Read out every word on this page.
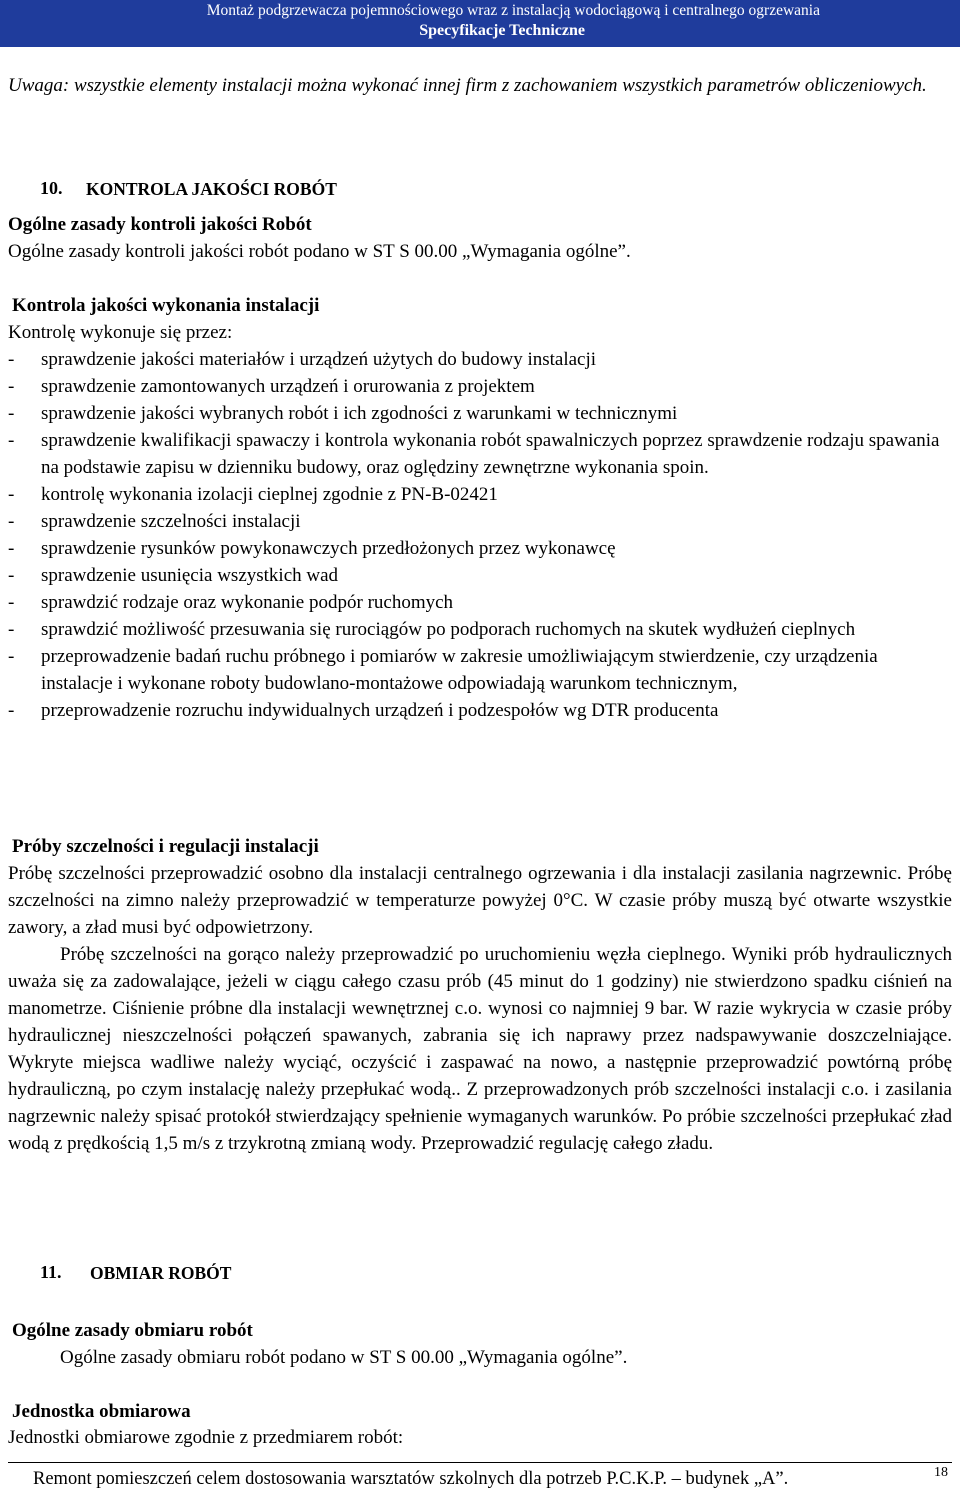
Montaż podgrzewacza pojemnościowego wraz z instalacją wodociągową i centralnego ogrzewania
Specyfikacje Techniczne
Uwaga: wszystkie elementy instalacji można wykonać innej firm z zachowaniem wszystkich parametrów obliczeniowych.
10.	KONTROLA JAKOŚCI ROBÓT
Ogólne zasady kontroli jakości Robót
Ogólne zasady kontroli jakości robót podano w ST S 00.00 „Wymagania ogólne”.
Kontrola jakości wykonania instalacji
Kontrolę wykonuje się przez:
- sprawdzenie jakości materiałów i urządzeń użytych do budowy instalacji
- sprawdzenie zamontowanych urządzeń i orurowania z projektem
- sprawdzenie jakości wybranych robót i ich zgodności z warunkami w technicznymi
- sprawdzenie kwalifikacji spawaczy i kontrola wykonania robót spawalniczych poprzez sprawdzenie rodzaju spawania na podstawie zapisu w dzienniku budowy, oraz oględziny zewnętrzne wykonania spoin.
- kontrolę wykonania izolacji cieplnej zgodnie z PN-B-02421
- sprawdzenie szczelności instalacji
- sprawdzenie rysunków powykonawczych przedłożonych przez wykonawcę
- sprawdzenie usunięcia wszystkich wad
- sprawdzić rodzaje oraz wykonanie podpór ruchomych
- sprawdzić możliwość przesuwania się rurociągów po podporach ruchomych na skutek wydłużeń cieplnych
- przeprowadzenie badań ruchu próbnego i pomiarów w zakresie umożliwiającym stwierdzenie, czy urządzenia instalacje i wykonane roboty budowlano-montażowe odpowiadają warunkom technicznym,
- przeprowadzenie rozruchu indywidualnych urządzeń i podzespołów wg DTR producenta
Próby szczelności i regulacji instalacji

Próbę szczelności przeprowadzić osobno dla instalacji centralnego ogrzewania i dla instalacji zasilania nagrzewnic. Próbę szczelności na zimno należy przeprowadzić w temperaturze powyżej 0°C. W czasie próby muszą być otwarte wszystkie zawory, a zład musi być odpowietrzony.

Próbę szczelności na gorąco należy przeprowadzić po uruchomieniu węzła cieplnego. Wyniki prób hydraulicznych uważa się za zadowalające, jeżeli w ciągu całego czasu prób (45 minut do 1 godziny) nie stwierdzono spadku ciśnień na manometrze. Ciśnienie próbne dla instalacji wewnętrznej c.o. wynosi co najmniej 9 bar. W razie wykrycia w czasie próby hydraulicznej nieszczelności połączeń spawanych, zabrania się ich naprawy przez nadspawywanie doszczelniające. Wykryte miejsca wadliwe należy wyciąć, oczyścić i zaspawać na nowo, a następnie przeprowadzić powtórną próbę hydrauliczną, po czym instalację należy przepłukać wodą.. Z przeprowadzonych prób szczelności instalacji c.o. i zasilania nagrzewnic należy spisać protokół stwierdzający spełnienie wymaganych warunków. Po próbie szczelności przepłukać zład wodą z prędkością 1,5 m/s z trzykrotną zmianą wody. Przeprowadzić regulację całego zładu.

11.	OBMIAR ROBÓT
Ogólne zasady obmiaru robót
Ogólne zasady obmiaru robót podano w ST S 00.00 „Wymagania ogólne”.
Jednostka obmiarowa
Jednostki obmiarowe zgodnie z przedmiarem robót:
Remont pomieszczeń celem dostosowania warsztatów szkolnych dla potrzeb P.C.K.P. – budynek „A”.	18
